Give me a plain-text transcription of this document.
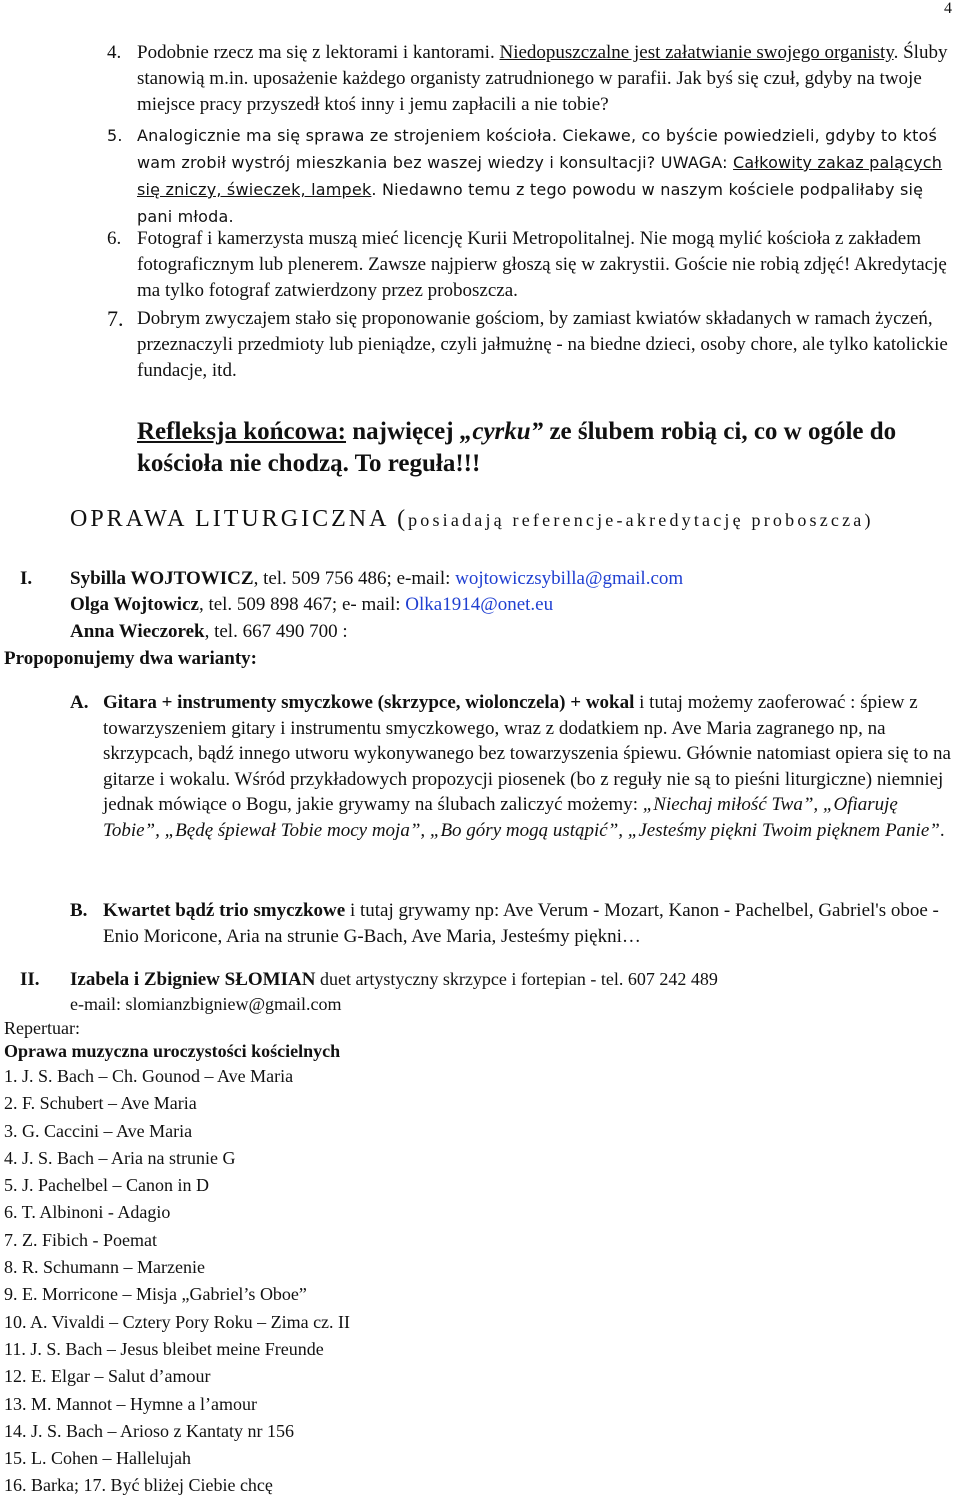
4
4. Podobnie rzecz ma się z lektorami i kantorami. Niedopuszczalne jest załatwianie swojego organisty. Śluby stanowią m.in. uposażenie każdego organisty zatrudnionego w parafii. Jak byś się czuł, gdyby na twoje miejsce pracy przyszedł ktoś inny i jemu zapłacili a nie tobie?
5. Analogicznie ma się sprawa ze strojeniem kościoła. Ciekawe, co byście powiedzieli, gdyby to ktoś wam zrobił wystrój mieszkania bez waszej wiedzy i konsultacji? UWAGA: Całkowity zakaz palących się zniczy, świeczek, lampek. Niedawno temu z tego powodu w naszym kościele podpaliłaby się pani młoda.
6. Fotograf i kamerzysta muszą mieć licencję Kurii Metropolitalnej. Nie mogą mylić kościoła z zakładem fotograficznym lub plenerem. Zawsze najpierw głoszą się w zakrystii. Goście nie robią zdjęć! Akredytację ma tylko fotograf zatwierdzony przez proboszcza.
7. Dobrym zwyczajem stało się proponowanie gościom, by zamiast kwiatów składanych w ramach życzeń, przeznaczyli przedmioty lub pieniądze, czyli jałmużnę - na biedne dzieci, osoby chore, ale tylko katolickie fundacje, itd.
Refleksja końcowa: najwięcej „cyrku” ze ślubem robią ci, co w ogóle do kościoła nie chodzą. To reguła!!!
OPRAWA LITURGICZNA (posiadają referencje-akredytację proboszcza)
I. Sybilla WOJTOWICZ, tel. 509 756 486; e-mail: wojtowiczsybilla@gmail.com
Olga Wojtowicz, tel. 509 898 467; e- mail: Olka1914@onet.eu
Anna Wieczorek, tel. 667 490 700 :
Propoponujemy dwa warianty:
A. Gitara + instrumenty smyczkowe (skrzypce, wiolonczela) + wokal i tutaj możemy zaoferować : śpiew z towarzyszeniem gitary i instrumentu smyczkowego, wraz z dodatkiem np. Ave Maria zagranego np, na skrzypcach, bądź innego utworu wykonywanego bez towarzyszenia śpiewu. Głównie natomiast opiera się to na gitarze i wokalu. Wśród przykładowych propozycji piosenek (bo z reguły nie są to pieśni liturgiczne) niemniej jednak mówiące o Bogu, jakie grywamy na ślubach zaliczyć możemy: „Niechaj miłość Twa”, „Ofiaruję Tobie”, „Będę śpiewał Tobie mocy moja”, „Bo góry mogą ustąpić”, „Jesteśmy piękni Twoim pięknem Panie”.
B. Kwartet bądź trio smyczkowe i tutaj grywamy np: Ave Verum - Mozart, Kanon - Pachelbel, Gabriel's oboe - Enio Moricone, Aria na strunie G-Bach, Ave Maria, Jesteśmy piękni…
II. Izabela i Zbigniew SŁOMIAN duet artystyczny skrzypce i fortepian - tel. 607 242 489
e-mail: slomianzbigniew@gmail.com
Repertuar:
Oprawa muzyczna uroczystości kościelnych
1. J. S. Bach – Ch. Gounod – Ave Maria
2. F. Schubert – Ave Maria
3. G. Caccini – Ave Maria
4. J. S. Bach – Aria na strunie G
5. J. Pachelbel – Canon in D
6. T. Albinoni - Adagio
7. Z. Fibich - Poemat
8. R. Schumann – Marzenie
9. E. Morricone – Misja „Gabriel’s Oboe”
10. A. Vivaldi – Cztery Pory Roku – Zima cz. II
11. J. S. Bach – Jesus bleibet meine Freunde
12. E. Elgar – Salut d’amour
13. M. Mannot – Hymne a l’amour
14. J. S. Bach – Arioso z Kantaty nr 156
15. L. Cohen – Hallelujah
16. Barka; 17. Być bliżej Ciebie chcę
